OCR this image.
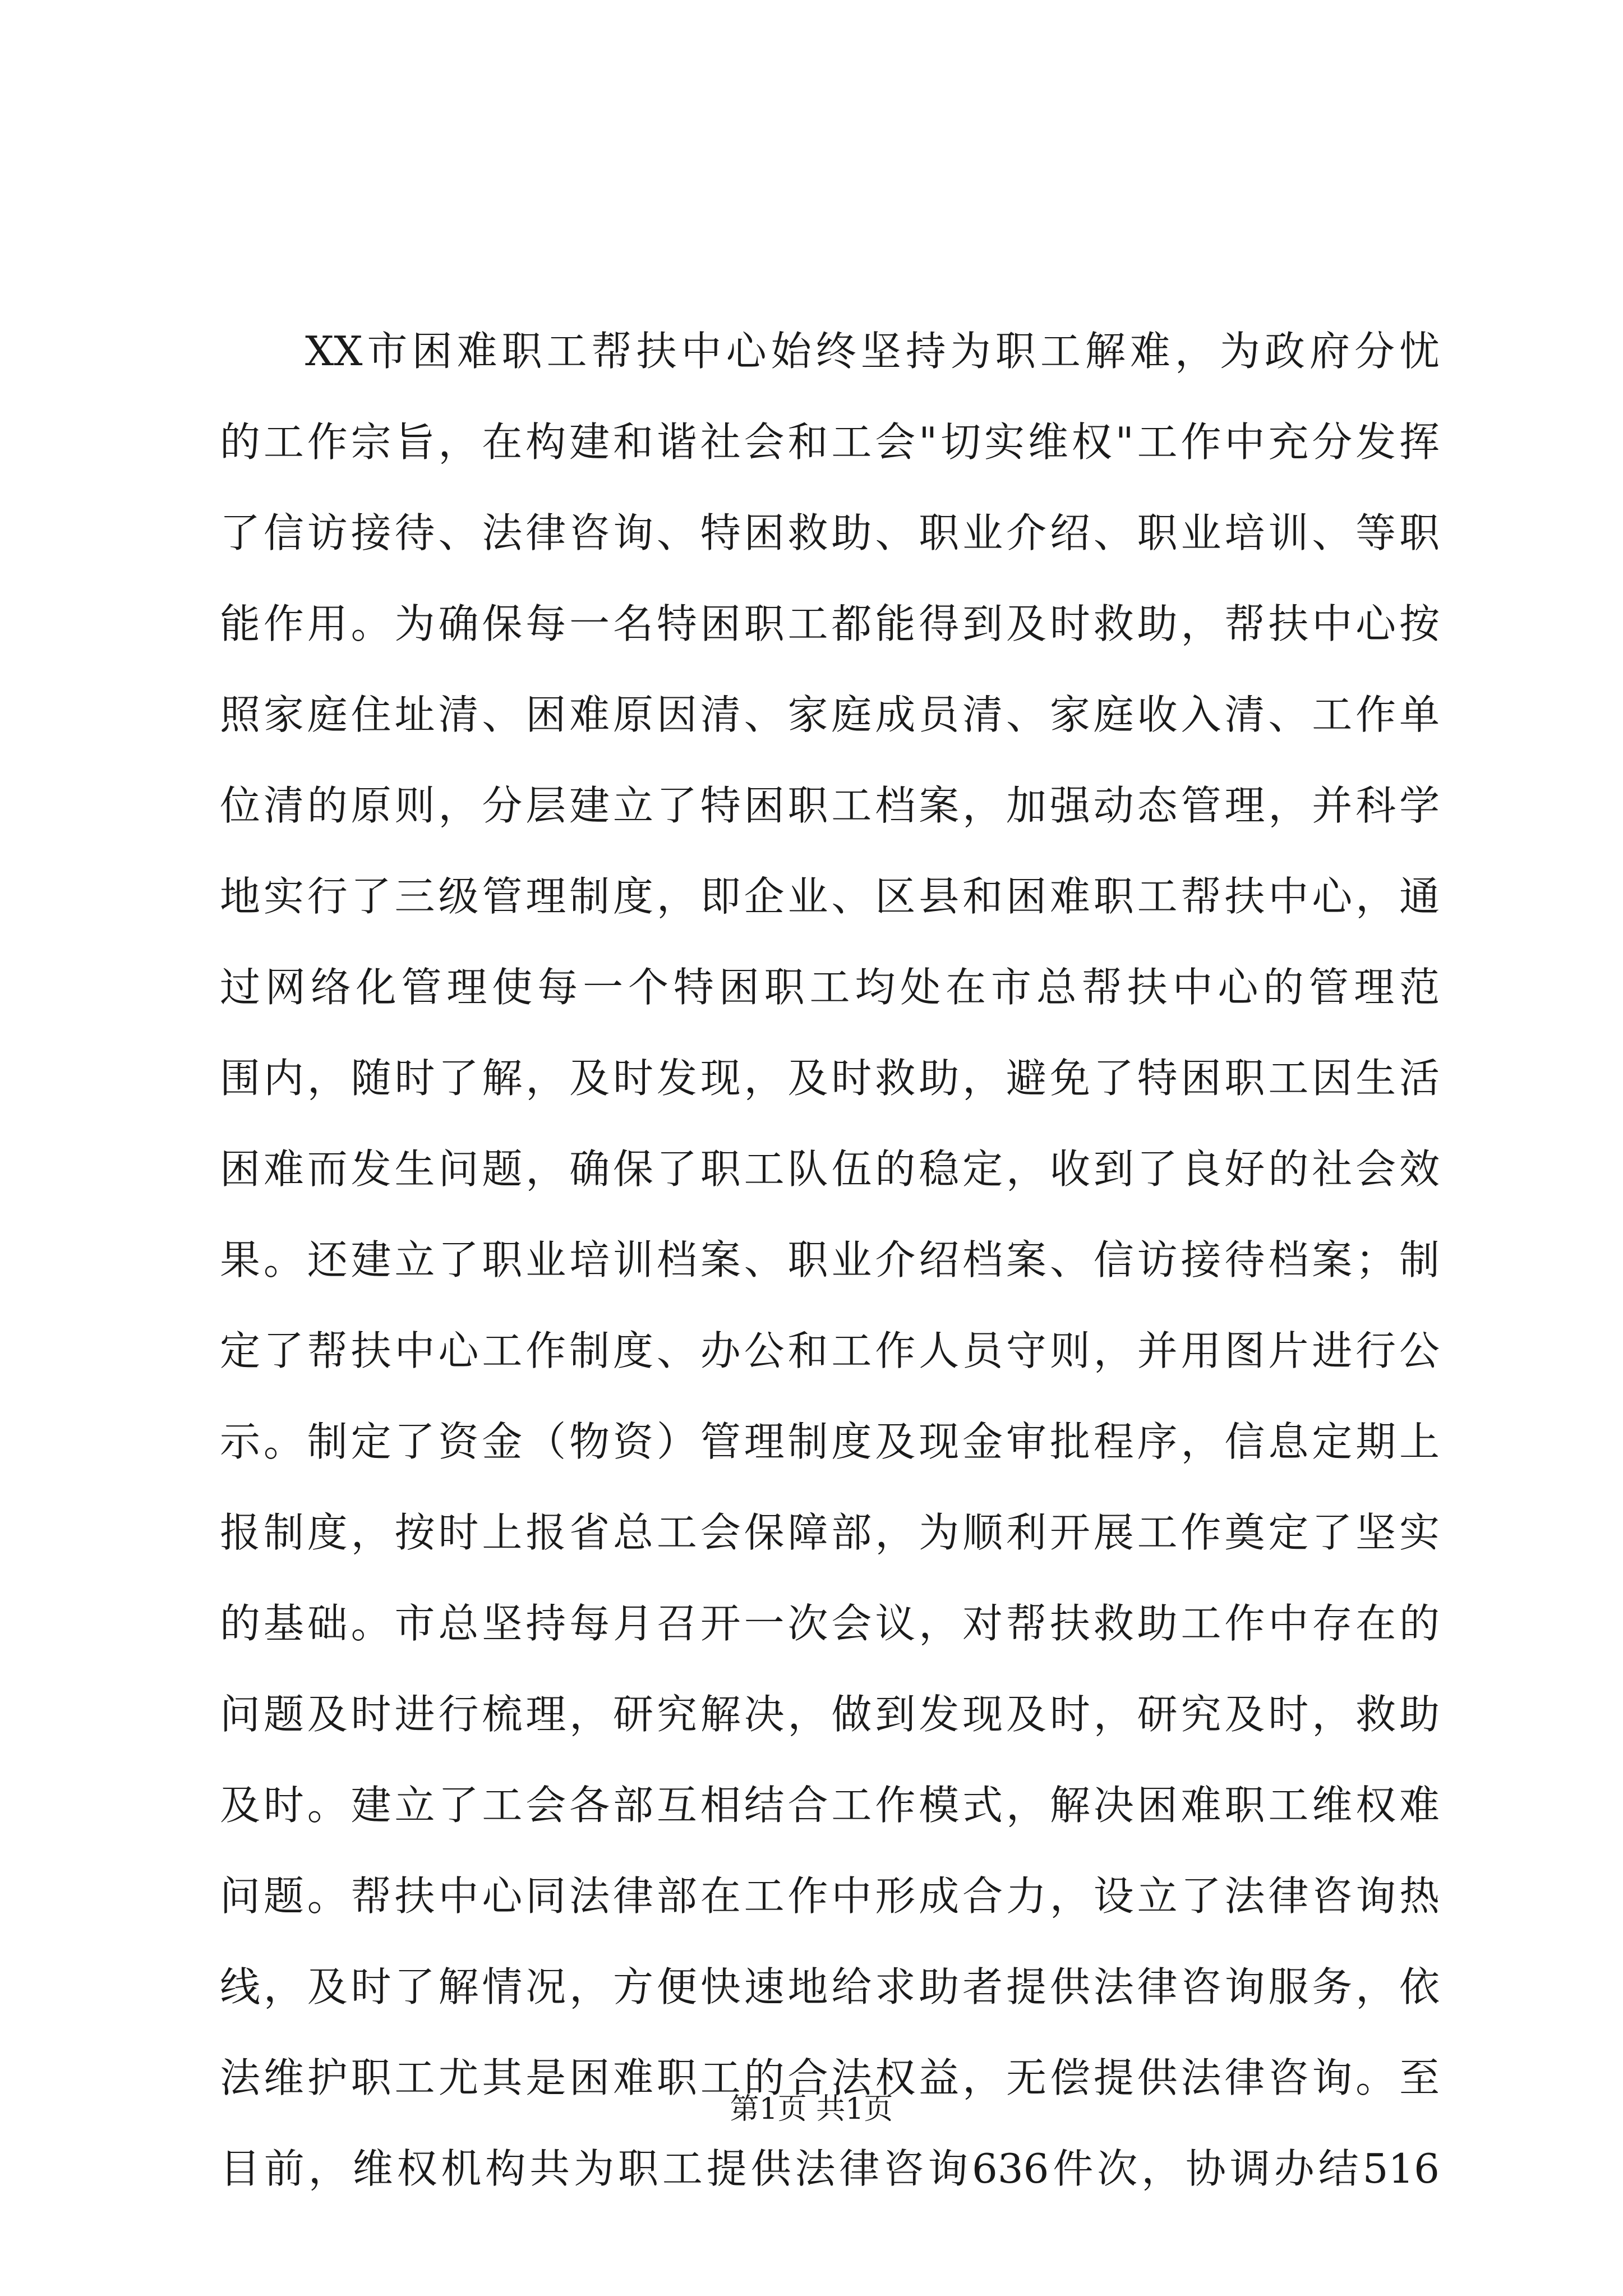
XX市困难职工帮扶中心始终坚持为职工解难，为政府分忧
的工作宗旨，在构建和谐社会和工会"切实维权"工作中充分发挥
了信访接待、法律咨询、特困救助、职业介绍、职业培训、等职
能作用。为确保每一名特困职工都能得到及时救助，帮扶中心按
照家庭住址清、困难原因清、家庭成员清、家庭收入清、工作单
位清的原则，分层建立了特困职工档案，加强动态管理，并科学
地实行了三级管理制度，即企业、区县和困难职工帮扶中心，通
过网络化管理使每一个特困职工均处在市总帮扶中心的管理范
围内，随时了解，及时发现，及时救助，避免了特困职工因生活
困难而发生问题，确保了职工队伍的稳定，收到了良好的社会效
果。还建立了职业培训档案、职业介绍档案、信访接待档案；制
定了帮扶中心工作制度、办公和工作人员守则，并用图片进行公
示。制定了资金（物资）管理制度及现金审批程序，信息定期上
报制度，按时上报省总工会保障部，为顺利开展工作奠定了坚实
的基础。市总坚持每月召开一次会议，对帮扶救助工作中存在的
问题及时进行梳理，研究解决，做到发现及时，研究及时，救助
及时。建立了工会各部互相结合工作模式，解决困难职工维权难
问题。帮扶中心同法律部在工作中形成合力，设立了法律咨询热
线，及时了解情况，方便快速地给求助者提供法律咨询服务，依
法维护职工尤其是困难职工的合法权益，无偿提供法律咨询。至
目前，维权机构共为职工提供法律咨询636件次，协调办结516
第1页 共1页
